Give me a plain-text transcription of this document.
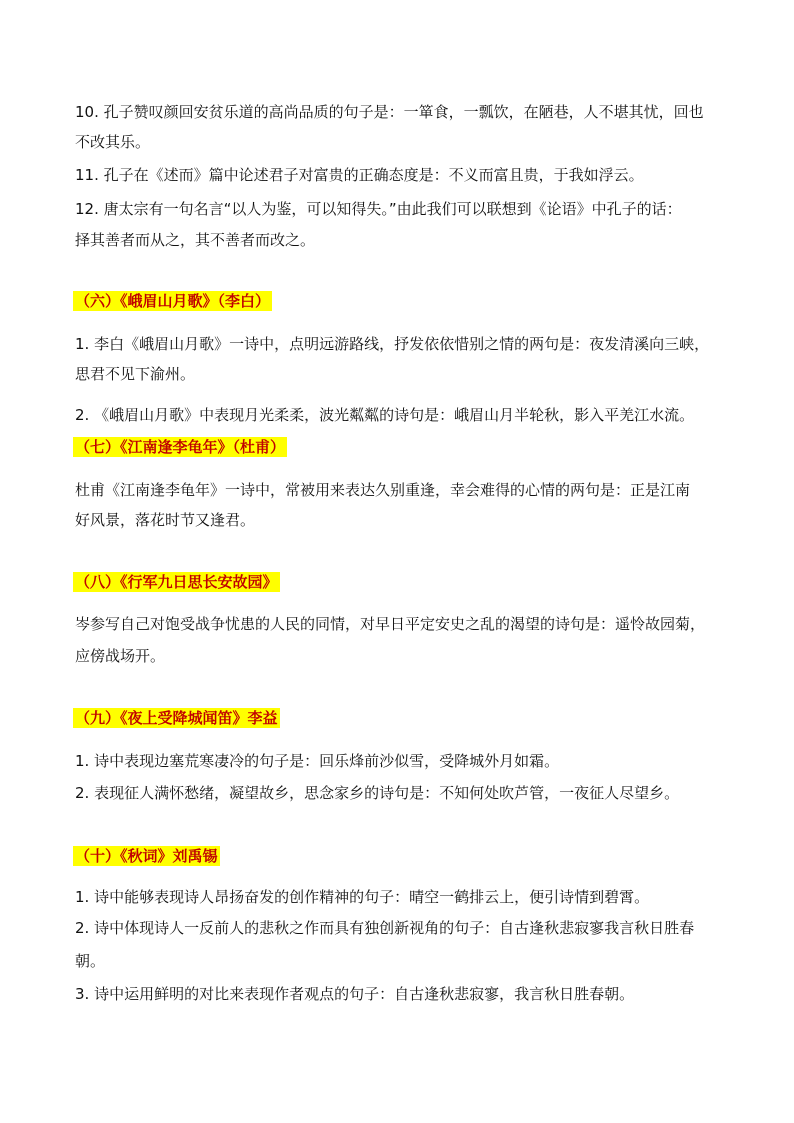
10. 孔子赞叹颜回安贫乐道的高尚品质的句子是：一箪食，一瓢饮，在陋巷，人不堪其忧，回也
不改其乐。
11. 孔子在《述而》篇中论述君子对富贵的正确态度是：不义而富且贵，于我如浮云。
12. 唐太宗有一句名言“以人为鉴，可以知得失。”由此我们可以联想到《论语》中孔子的话：
择其善者而从之，其不善者而改之。
（六）《峨眉山月歌》（李白）
1. 李白《峨眉山月歌》一诗中，点明远游路线，抒发依依惜别之情的两句是：夜发清溪向三峡，
思君不见下渝州。
2. 《峨眉山月歌》中表现月光柔柔，波光粼粼的诗句是：峨眉山月半轮秋，影入平羌江水流。
（七）《江南逢李龟年》（杜甫）
杜甫《江南逢李龟年》一诗中，常被用来表达久别重逢，幸会难得的心情的两句是：正是江南
好风景，落花时节又逢君。
（八）《行军九日思长安故园》
岑参写自己对饱受战争忧患的人民的同情，对早日平定安史之乱的渴望的诗句是：遥怜故园菊，
应傍战场开。
（九）《夜上受降城闻笛》李益
1. 诗中表现边塞荒寒凄冷的句子是：回乐烽前沙似雪，受降城外月如霜。
2. 表现征人满怀愁绪，凝望故乡，思念家乡的诗句是：不知何处吹芦管，一夜征人尽望乡。
（十）《秋词》刘禹锡
1. 诗中能够表现诗人昂扬奋发的创作精神的句子：晴空一鹤排云上，便引诗情到碧霄。
2. 诗中体现诗人一反前人的悲秋之作而具有独创新视角的句子：自古逢秋悲寂寥我言秋日胜春
朝。
3. 诗中运用鲜明的对比来表现作者观点的句子：自古逢秋悲寂寥，我言秋日胜春朝。
